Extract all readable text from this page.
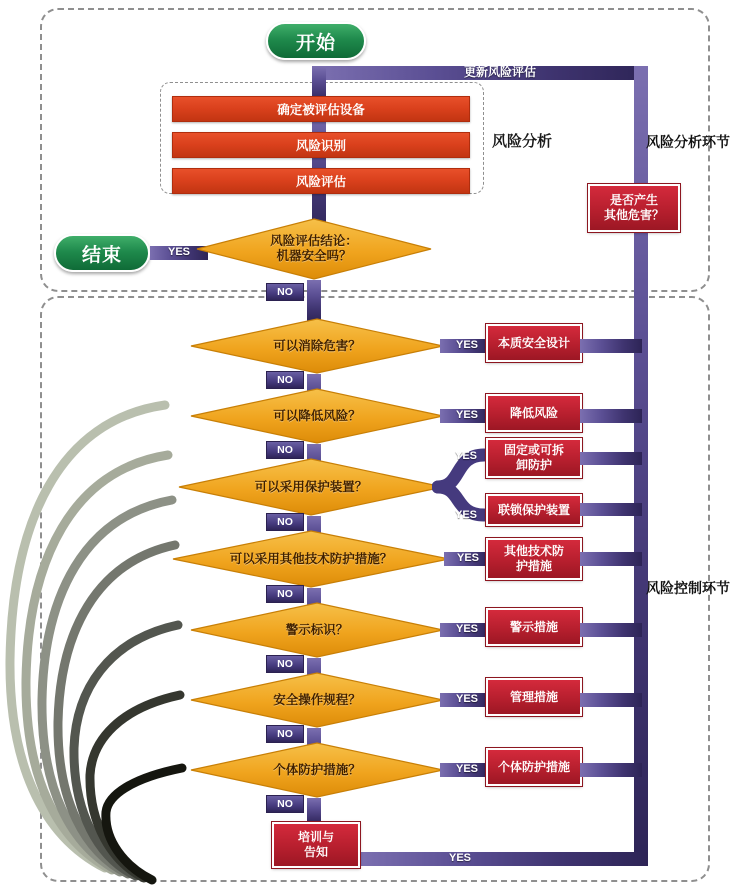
更新风险评估
开始
确定被评估设备
风险识别
风险评估
风险分析	风险分析环节
风险控制环节
是否产生
其他危害？
结束	YES
风险评估结论：
机器安全吗？
NO
可以消除危害？	YES	本质安全设计
NO
可以降低风险？	YES	降低风险
NO
可以采用保护装置？
YES
YES
固定或可拆
卸防护
联锁保护装置
NO
可以采用其他技术防护措施？	YES	其他技术防
护措施
NO
警示标识？	YES	警示措施
NO
安全操作规程？	YES	管理措施
NO
个体防护措施？	YES	个体防护措施
NO
培训与
告知	YES
